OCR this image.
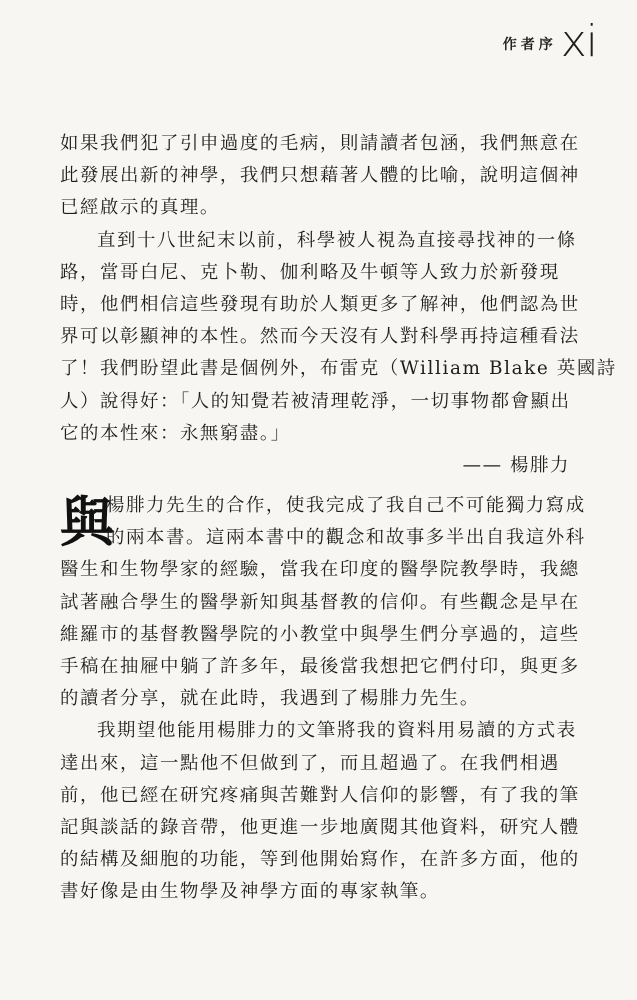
作者序 xi
如果我們犯了引申過度的毛病，則請讀者包涵，我們無意在
此發展出新的神學，我們只想藉著人體的比喻，說明這個神
已經啟示的真理。
直到十八世紀末以前，科學被人視為直接尋找神的一條
路，當哥白尼、克卜勒、伽利略及牛頓等人致力於新發現
時，他們相信這些發現有助於人類更多了解神，他們認為世
界可以彰顯神的本性。然而今天沒有人對科學再持這種看法
了！我們盼望此書是個例外，布雷克（William Blake 英國詩
人）說得好：「人的知覺若被清理乾淨，一切事物都會顯出
它的本性來：永無窮盡。」
—— 楊腓力
與
楊腓力先生的合作，使我完成了我自己不可能獨力寫成
的兩本書。這兩本書中的觀念和故事多半出自我這外科
醫生和生物學家的經驗，當我在印度的醫學院教學時，我總
試著融合學生的醫學新知與基督教的信仰。有些觀念是早在
維羅市的基督教醫學院的小教堂中與學生們分享過的，這些
手稿在抽屜中躺了許多年，最後當我想把它們付印，與更多
的讀者分享，就在此時，我遇到了楊腓力先生。
我期望他能用楊腓力的文筆將我的資料用易讀的方式表
達出來，這一點他不但做到了，而且超過了。在我們相遇
前，他已經在研究疼痛與苦難對人信仰的影響，有了我的筆
記與談話的錄音帶，他更進一步地廣閱其他資料，研究人體
的結構及細胞的功能，等到他開始寫作，在許多方面，他的
書好像是由生物學及神學方面的專家執筆。
